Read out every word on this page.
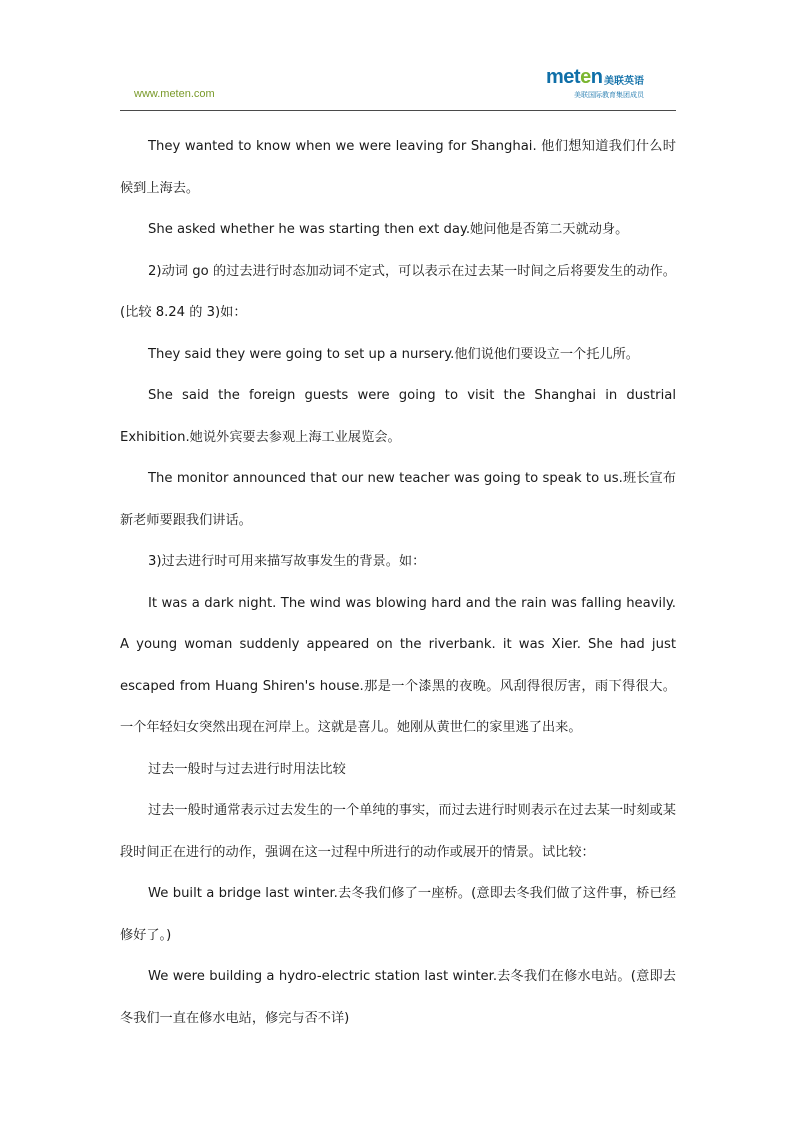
www.meten.com
meten 美联英语
美联国际教育集团成员

They wanted to know when we were leaving for Shanghai. 他们想知道我们什么时候到上海去。

She asked whether he was starting then ext day.她问他是否第二天就动身。

2)动词 go 的过去进行时态加动词不定式，可以表示在过去某一时间之后将要发生的动作。(比较 8.24 的 3)如：

They said they were going to set up a nursery.他们说他们要设立一个托儿所。

She said the foreign guests were going to visit the Shanghai in dustrial Exhibition.她说外宾要去参观上海工业展览会。

The monitor announced that our new teacher was going to speak to us.班长宣布新老师要跟我们讲话。

3)过去进行时可用来描写故事发生的背景。如：

It was a dark night. The wind was blowing hard and the rain was falling heavily. A young woman suddenly appeared on the riverbank. it was Xier. She had just escaped from Huang Shiren's house.那是一个漆黑的夜晚。风刮得很厉害，雨下得很大。一个年轻妇女突然出现在河岸上。这就是喜儿。她刚从黄世仁的家里逃了出来。

过去一般时与过去进行时用法比较

过去一般时通常表示过去发生的一个单纯的事实，而过去进行时则表示在过去某一时刻或某段时间正在进行的动作，强调在这一过程中所进行的动作或展开的情景。试比较：

We built a bridge last winter.去冬我们修了一座桥。(意即去冬我们做了这件事，桥已经修好了。)

We were building a hydro-electric station last winter.去冬我们在修水电站。(意即去冬我们一直在修水电站，修完与否不详)
